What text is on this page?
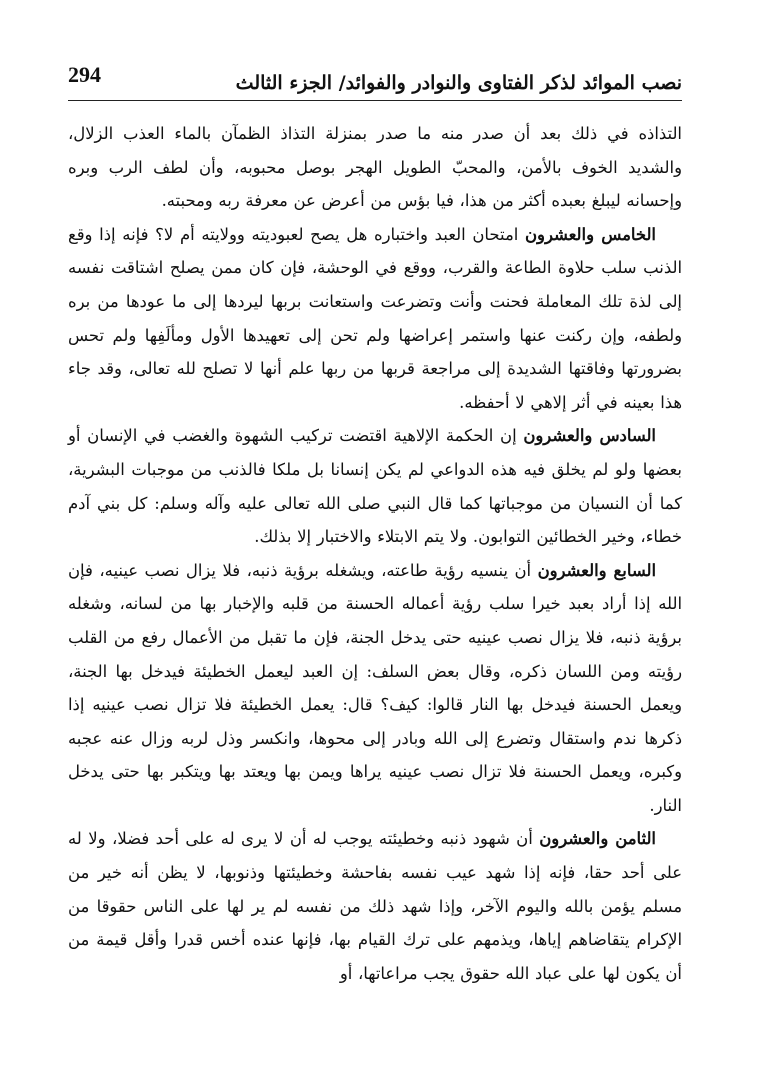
294	نصب الموائد لذكر الفتاوى والنوادر والفوائد/ الجزء الثالث

التذاذه في ذلك بعد أن صدر منه ما صدر بمنزلة التذاذ الظمآن بالماء العذب الزلال، والشديد الخوف بالأمن، والمحبّ الطويل الهجر بوصل محبوبه، وأن لطف الرب وبره وإحسانه ليبلغ بعبده أكثر من هذا، فيا بؤس من أعرض عن معرفة ربه ومحبته.

الخامس والعشرون امتحان العبد واختباره هل يصح لعبوديته وولايته أم لا؟ فإنه إذا وقع الذنب سلب حلاوة الطاعة والقرب، ووقع في الوحشة، فإن كان ممن يصلح اشتاقت نفسه إلى لذة تلك المعاملة فحنت وأنت وتضرعت واستعانت بربها ليردها إلى ما عودها من بره ولطفه، وإن ركنت عنها واستمر إعراضها ولم تحن إلى تعهيدها الأول ومألَفِها ولم تحس بضرورتها وفاقتها الشديدة إلى مراجعة قربها من ربها علم أنها لا تصلح لله تعالى، وقد جاء هذا بعينه في أثر إلاهي لا أحفظه.

السادس والعشرون إن الحكمة الإلاهية اقتضت تركيب الشهوة والغضب في الإنسان أو بعضها ولو لم يخلق فيه هذه الدواعي لم يكن إنسانا بل ملكا فالذنب من موجبات البشرية، كما أن النسيان من موجباتها كما قال النبي صلى الله تعالى عليه وآله وسلم: كل بني آدم خطاء، وخير الخطائين التوابون. ولا يتم الابتلاء والاختبار إلا بذلك.

السابع والعشرون أن ينسيه رؤية طاعته، ويشغله برؤية ذنبه، فلا يزال نصب عينيه، فإن الله إذا أراد بعبد خيرا سلب رؤية أعماله الحسنة من قلبه والإخبار بها من لسانه، وشغله برؤية ذنبه، فلا يزال نصب عينيه حتى يدخل الجنة، فإن ما تقبل من الأعمال رفع من القلب رؤيته ومن اللسان ذكره، وقال بعض السلف: إن العبد ليعمل الخطيئة فيدخل بها الجنة، ويعمل الحسنة فيدخل بها النار قالوا: كيف؟ قال: يعمل الخطيئة فلا تزال نصب عينيه إذا ذكرها ندم واستقال وتضرع إلى الله وبادر إلى محوها، وانكسر وذل لربه وزال عنه عجبه وكبره، ويعمل الحسنة فلا تزال نصب عينيه يراها ويمن بها ويعتد بها ويتكبر بها حتى يدخل النار.

الثامن والعشرون أن شهود ذنبه وخطيئته يوجب له أن لا يرى له على أحد فضلا، ولا له على أحد حقا، فإنه إذا شهد عيب نفسه بفاحشة وخطيئتها وذنوبها، لا يظن أنه خير من مسلم يؤمن بالله واليوم الآخر، وإذا شهد ذلك من نفسه لم ير لها على الناس حقوقا من الإكرام يتقاضاهم إياها، ويذمهم على ترك القيام بها، فإنها عنده أخس قدرا وأقل قيمة من أن يكون لها على عباد الله حقوق يجب مراعاتها، أو
